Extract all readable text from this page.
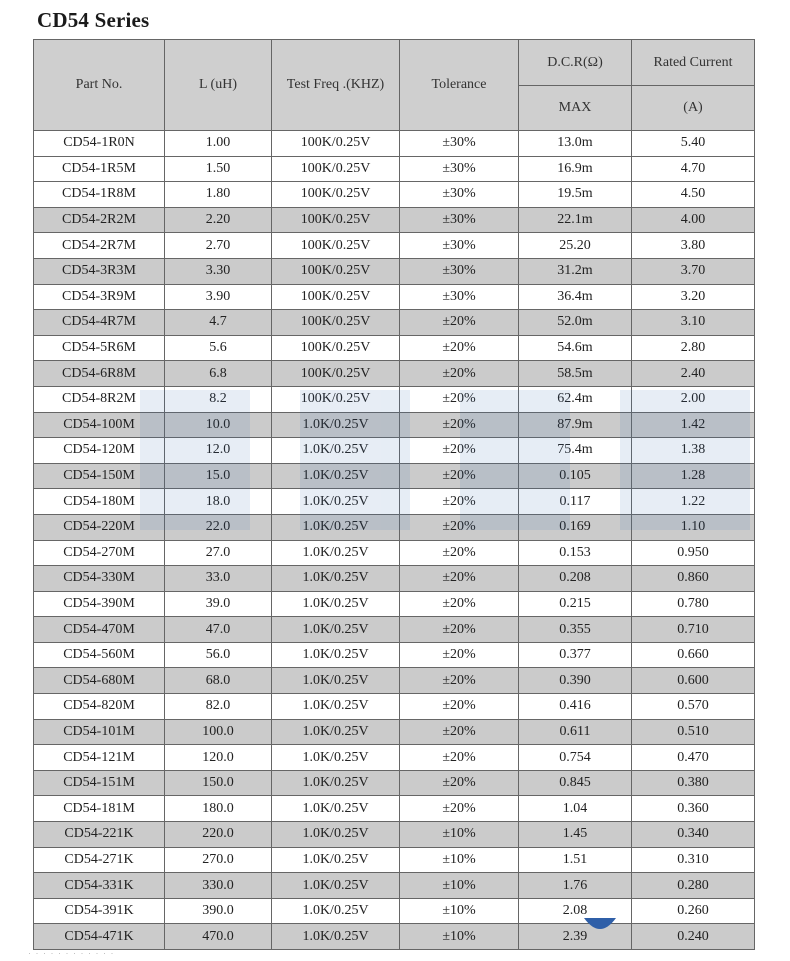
CD54 Series
Part No.	L (uH)	Test Freq .(KHZ)	Tolerance	D.C.R(Ω)	Rated Current
				MAX	(A)
CD54-1R0N	1.00	100K/0.25V	±30%	13.0m	5.40
CD54-1R5M	1.50	100K/0.25V	±30%	16.9m	4.70
CD54-1R8M	1.80	100K/0.25V	±30%	19.5m	4.50
CD54-2R2M	2.20	100K/0.25V	±30%	22.1m	4.00
CD54-2R7M	2.70	100K/0.25V	±30%	25.20	3.80
CD54-3R3M	3.30	100K/0.25V	±30%	31.2m	3.70
CD54-3R9M	3.90	100K/0.25V	±30%	36.4m	3.20
CD54-4R7M	4.7	100K/0.25V	±20%	52.0m	3.10
CD54-5R6M	5.6	100K/0.25V	±20%	54.6m	2.80
CD54-6R8M	6.8	100K/0.25V	±20%	58.5m	2.40
CD54-8R2M	8.2	100K/0.25V	±20%	62.4m	2.00
CD54-100M	10.0	1.0K/0.25V	±20%	87.9m	1.42
CD54-120M	12.0	1.0K/0.25V	±20%	75.4m	1.38
CD54-150M	15.0	1.0K/0.25V	±20%	0.105	1.28
CD54-180M	18.0	1.0K/0.25V	±20%	0.117	1.22
CD54-220M	22.0	1.0K/0.25V	±20%	0.169	1.10
CD54-270M	27.0	1.0K/0.25V	±20%	0.153	0.950
CD54-330M	33.0	1.0K/0.25V	±20%	0.208	0.860
CD54-390M	39.0	1.0K/0.25V	±20%	0.215	0.780
CD54-470M	47.0	1.0K/0.25V	±20%	0.355	0.710
CD54-560M	56.0	1.0K/0.25V	±20%	0.377	0.660
CD54-680M	68.0	1.0K/0.25V	±20%	0.390	0.600
CD54-820M	82.0	1.0K/0.25V	±20%	0.416	0.570
CD54-101M	100.0	1.0K/0.25V	±20%	0.611	0.510
CD54-121M	120.0	1.0K/0.25V	±20%	0.754	0.470
CD54-151M	150.0	1.0K/0.25V	±20%	0.845	0.380
CD54-181M	180.0	1.0K/0.25V	±20%	1.04	0.360
CD54-221K	220.0	1.0K/0.25V	±10%	1.45	0.340
CD54-271K	270.0	1.0K/0.25V	±10%	1.51	0.310
CD54-331K	330.0	1.0K/0.25V	±10%	1.76	0.280
CD54-391K	390.0	1.0K/0.25V	±10%	2.08	0.260
CD54-471K	470.0	1.0K/0.25V	±10%	2.39	0.240
· · · · · · · · · · · ·
